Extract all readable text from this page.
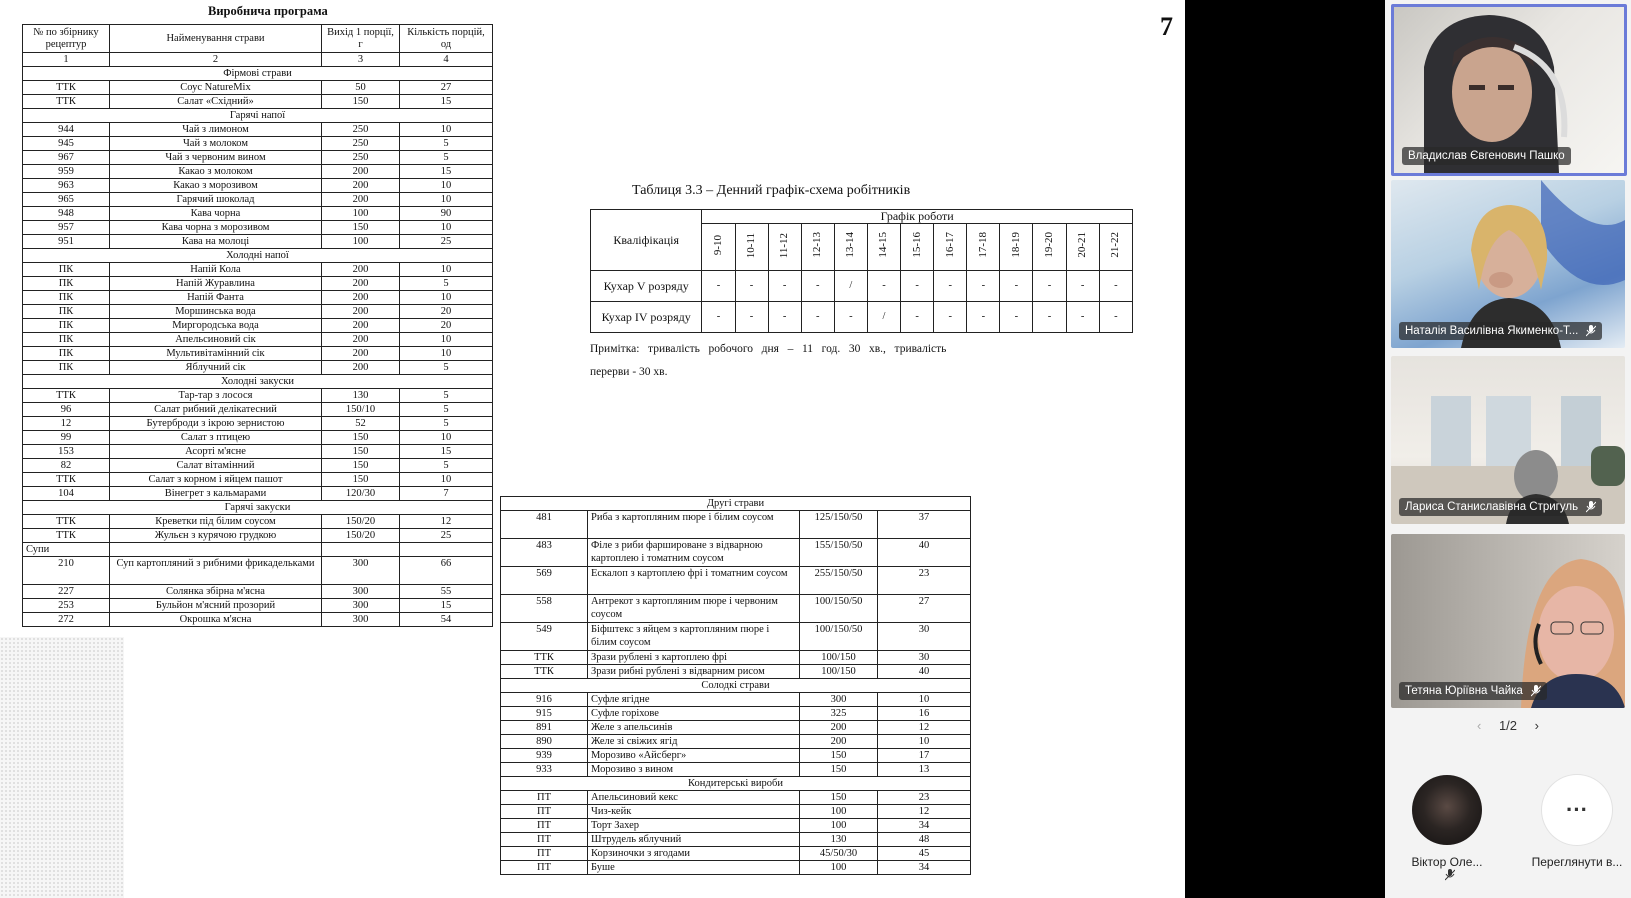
Виробнича програма
№ по збірнику рецептур	Найменування страви	Вихід 1 порції, г	Кількість порцій, од
1	2	3	4
Фірмові страви			
ТТК	Соус NatureMix	50	27
ТТК	Салат «Східний»	150	15
Гарячі напої			
944	Чай з лимоном	250	10
945	Чай з молоком	250	5
967	Чай з червоним вином	250	5
959	Какао з молоком	200	15
963	Какао з морозивом	200	10
965	Гарячий шоколад	200	10
948	Кава чорна	100	90
957	Кава чорна з морозивом	150	10
951	Кава на молоці	100	25
Холодні напої			
ПК	Напій Кола	200	10
ПК	Напій Журавлина	200	5
ПК	Напій Фанта	200	10
ПК	Моршинська вода	200	20
ПК	Миргородська вода	200	20
ПК	Апельсиновий сік	200	10
ПК	Мультивітамінний сік	200	10
ПК	Яблучний сік	200	5
Холодні закуски			
ТТК	Тар-тар з лосося	130	5
96	Салат рибний делікатесний	150/10	5
12	Бутерброди з ікрою зернистою	52	5
99	Салат з птицею	150	10
153	Асорті м'ясне	150	15
82	Салат вітамінний	150	5
ТТК	Салат з корном і яйцем пашот	150	10
104	Вінегрет з кальмарами	120/30	7
Гарячі закуски			
ТТК	Креветки під білим соусом	150/20	12
ТТК	Жульєн з курячою грудкою	150/20	25
Супи			
210	Суп картопляний з рибними фрикадельками	300	66
227	Солянка збірна м'ясна	300	55
253	Бульйон м'ясний прозорий	300	15
272	Окрошка м'ясна	300	54
7
Таблиця 3.3 – Денний графік-схема робітників
Кваліфікація	Графік роботи												
	9-10	10-11	11-12	12-13	13-14	14-15	15-16	16-17	17-18	18-19	19-20	20-21	21-22
Кухар V розряду	-	-	-	-	/	-	-	-	-	-	-	-	-
Кухар IV розряду	-	-	-	-	-	/	-	-	-	-	-	-	-
Примітка:   тривалість   робочого   дня   –   11   год.   30   хв.,   тривалість
перерви - 30 хв.
Другі страви			
481	Риба з картопляним пюре і білим соусом	125/150/50	37
483	Філе з риби фаршироване з відварною картоплею і томатним соусом	155/150/50	40
569	Ескалоп з картоплею фрі і томатним соусом	255/150/50	23
558	Антрекот з картопляним пюре і червоним соусом	100/150/50	27
549	Біфштекс з яйцем з картопляним пюре і білим соусом	100/150/50	30
ТТК	Зрази рублені з картоплею фрі	100/150	30
ТТК	Зрази рибні рублені з відварним рисом	100/150	40
Солодкі страви			
916	Суфле ягідне	300	10
915	Суфле горіхове	325	16
891	Желе з апельсинів	200	12
890	Желе зі свіжих ягід	200	10
939	Морозиво «Айсберг»	150	17
933	Морозиво з вином	150	13
Кондитерські вироби			
ПТ	Апельсиновий кекс	150	23
ПТ	Чиз-кейк	100	12
ПТ	Торт Захер	100	34
ПТ	Штрудель яблучний	130	48
ПТ	Корзиночки з ягодами	45/50/30	45
ПТ	Буше	100	34
Владислав Євгенович Пашко
Наталія Василівна Якименко-Т...
Лариса Станиславівна Стригуль
Тетяна Юріївна Чайка
‹ 1/2 ›
Віктор Оле...
···
Переглянути в...
